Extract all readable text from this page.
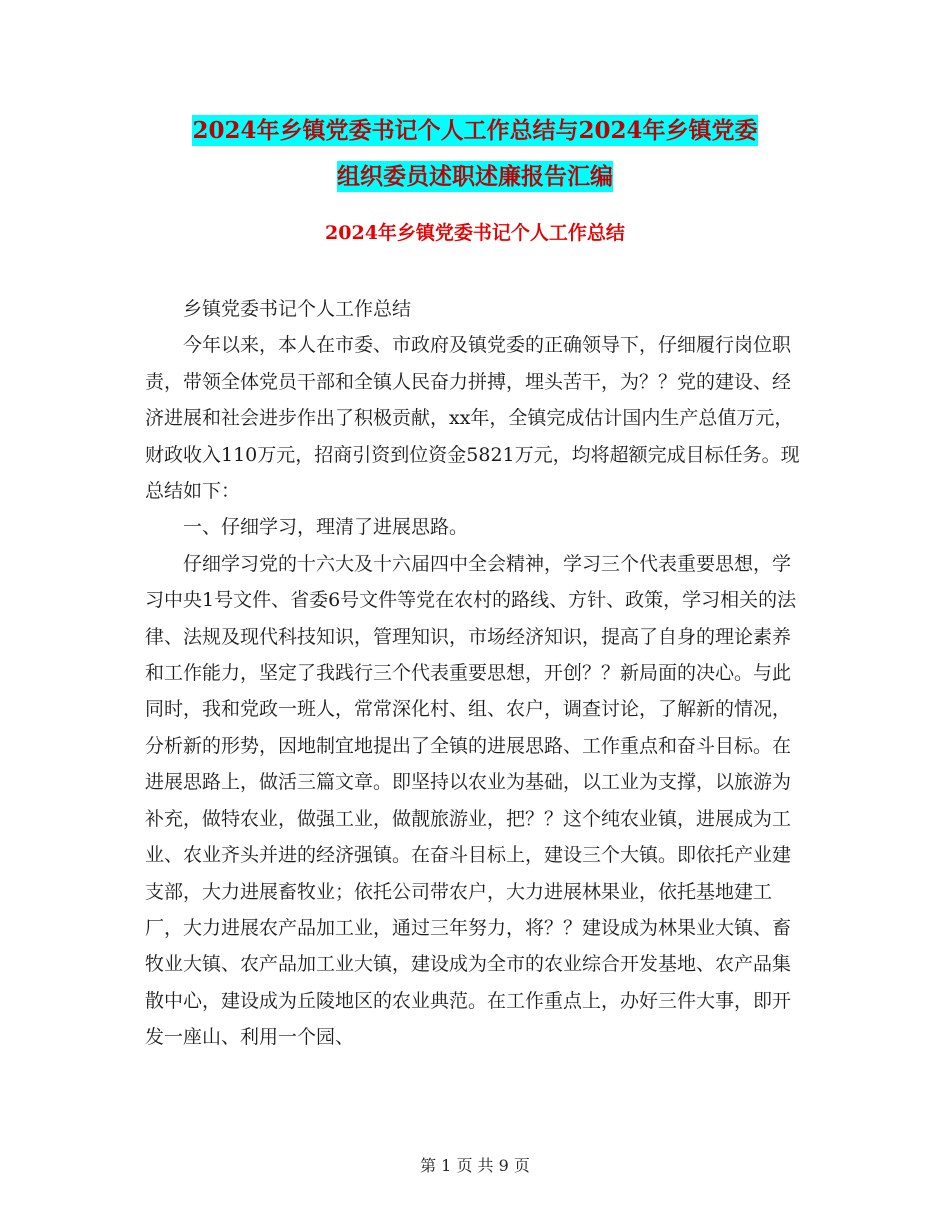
2024年乡镇党委书记个人工作总结与2024年乡镇党委
组织委员述职述廉报告汇编
2024年乡镇党委书记个人工作总结

乡镇党委书记个人工作总结

今年以来，本人在市委、市政府及镇党委的正确领导下，仔细履行岗位职责，带领全体党员干部和全镇人民奋力拼搏，埋头苦干，为？？党的建设、经济进展和社会进步作出了积极贡献，xx年，全镇完成估计国内生产总值万元，财政收入110万元，招商引资到位资金5821万元，均将超额完成目标任务。现总结如下：

一、仔细学习，理清了进展思路。

仔细学习党的十六大及十六届四中全会精神，学习三个代表重要思想，学习中央1号文件、省委6号文件等党在农村的路线、方针、政策，学习相关的法律、法规及现代科技知识，管理知识，市场经济知识，提高了自身的理论素养和工作能力，坚定了我践行三个代表重要思想，开创？？新局面的决心。与此同时，我和党政一班人，常常深化村、组、农户，调查讨论，了解新的情况，分析新的形势，因地制宜地提出了全镇的进展思路、工作重点和奋斗目标。在进展思路上，做活三篇文章。即坚持以农业为基础，以工业为支撑，以旅游为补充，做特农业，做强工业，做靓旅游业，把？？这个纯农业镇，进展成为工业、农业齐头并进的经济强镇。在奋斗目标上，建设三个大镇。即依托产业建支部，大力进展畜牧业；依托公司带农户，大力进展林果业，依托基地建工厂，大力进展农产品加工业，通过三年努力，将？？建设成为林果业大镇、畜牧业大镇、农产品加工业大镇，建设成为全市的农业综合开发基地、农产品集散中心，建设成为丘陵地区的农业典范。在工作重点上，办好三件大事，即开发一座山、利用一个园、

第 1 页 共 9 页
